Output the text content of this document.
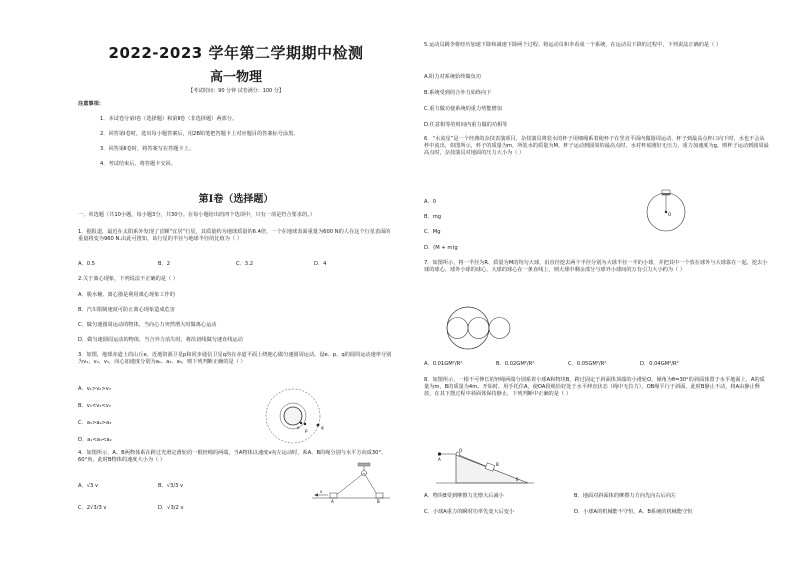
2022-2023 学年第二学期期中检测
高一物理
【考试时间：90 分钟 试卷满分：100 分】
注意事项：
1．本试卷分第Ⅰ卷（选择题）和第Ⅱ卷（非选择题）两部分。
2．回答第Ⅰ卷时，选出每小题答案后，用2B铅笔把答题卡上对应题目的答案标号涂黑。
3．回答第Ⅱ卷时，将答案写在答题卡上。
4．考试结束后，将答题卡交回。
第Ⅰ卷（选择题）
一、单选题（共10小题，每小题3分，共30分。在每小题给出的四个选项中，只有一项是符合要求的。）
1．据报道，最近在太阳系外发现了首颗“宜居”行星，其质量约为地球质量的6.4倍，一个在地球表面重量为600 N的人在这个行星表面的重量将变为960 N.由此可推知，该行星的半径与地球半径的比值为（ ）
A．0.5	B．2	C．3.2	D．4
2.关于离心现象，下列说法不正确的是（ ）
A．脱水桶、离心器是利用离心现象工作的
B．汽车限制速度可防止离心现象造成危害
C．做匀速圆周运动的物体，当向心力突然增大时做离心运动
D．做匀速圆周运动的物体，当合外力消失时，将沿切线做匀速直线运动
3．如图，地球赤道上的山丘e，近地资源卫星p和同步通信卫星q均在赤道平面上绕地心做匀速圆周运动。设e、p、q的圆周运动速率分别为v₁、v₂、v₃，向心加速度分别为a₁、a₂、a₃，则下列判断正确的是（ ）
A．v₁>v₂>v₃
B．v₁<v₃<v₂
C．a₁>a₂>a₃
D．a₁<a₃<a₂
e
p
q
4．如图所示，A、B两物体系在跨过光滑定滑轮的一根轻绳的两端，当A物体以速度v向左运动时，系A、B的绳分别与水平方向成30°、60°角，此时B物体的速度大小为（ ）
A．√3 v	B．√3/3 v
C．2√3/3 v	D．√3/2 v
A	B
v
5.运动员跳伞将经历加速下降和减速下降两个过程。将运动员和伞看成一个系统，在运动员下降的过程中，下列说法正确的是（ ）
A.阻力对系统始终做负功
B.系统受到的合外力始终向下
C.重力做功使系统的重力势能增加
D.任意相等的时间内重力做的功相等
6．“水流星”是一个经典的杂技表演项目，杂技演员将装水的杯子用细绳系着使杯子在竖直平面内做圆周运动，杯子到最高点杯口向下时，水也不会从杯中流出，如图所示，杯子的质量为m，所装水的质量为M，杯子运动到圆周的最高点时，水对杯底刚好无压力，重力加速度为g，则杯子运动到圆周最高点时，杂技演员对地面的压力大小为（ ）
A．0
B．mg
C．Mg
D．(M + m)g
O
7．如图所示，将一半径为R、质量为M的均匀大球，沿直径挖去两个半径分别为大球半径一半的小球，并把其中一个放在球外与大球靠在一起，挖去小球的球心、球外小球的球心、大球的球心在一条直线上，则大球中剩余部分与球外小球间的万有引力大小约为（ ）
A．0.01GM²/R²	B．0.02GM²/R²	C．0.05GM²/R²	D．0.04GM²/R²
8．如图所示，一根不可伸长的轻绳两端分别系着小球A和物块B，跨过固定于斜面体顶端的小滑轮O，倾角为θ=30°的斜面体置于水平地面上，A的质量为m，B的质量为4m。开始时，用手托住A，使OA段绳恰好处于水平伸直状态（绳中无拉力），OB绳平行于斜面，此时B静止不动，将A由静止释放，在其下摆过程中斜面体保持静止，下列判断中正确的是（ ）
O
A
B
θ
A．物块B受到摩擦力先增大后减小	B．地面对斜面体的摩擦力方向先向右后向左
C．小球A重力的瞬时功率先变大后变小	D．小球A的机械能不守恒，A、B系统的机械能守恒
